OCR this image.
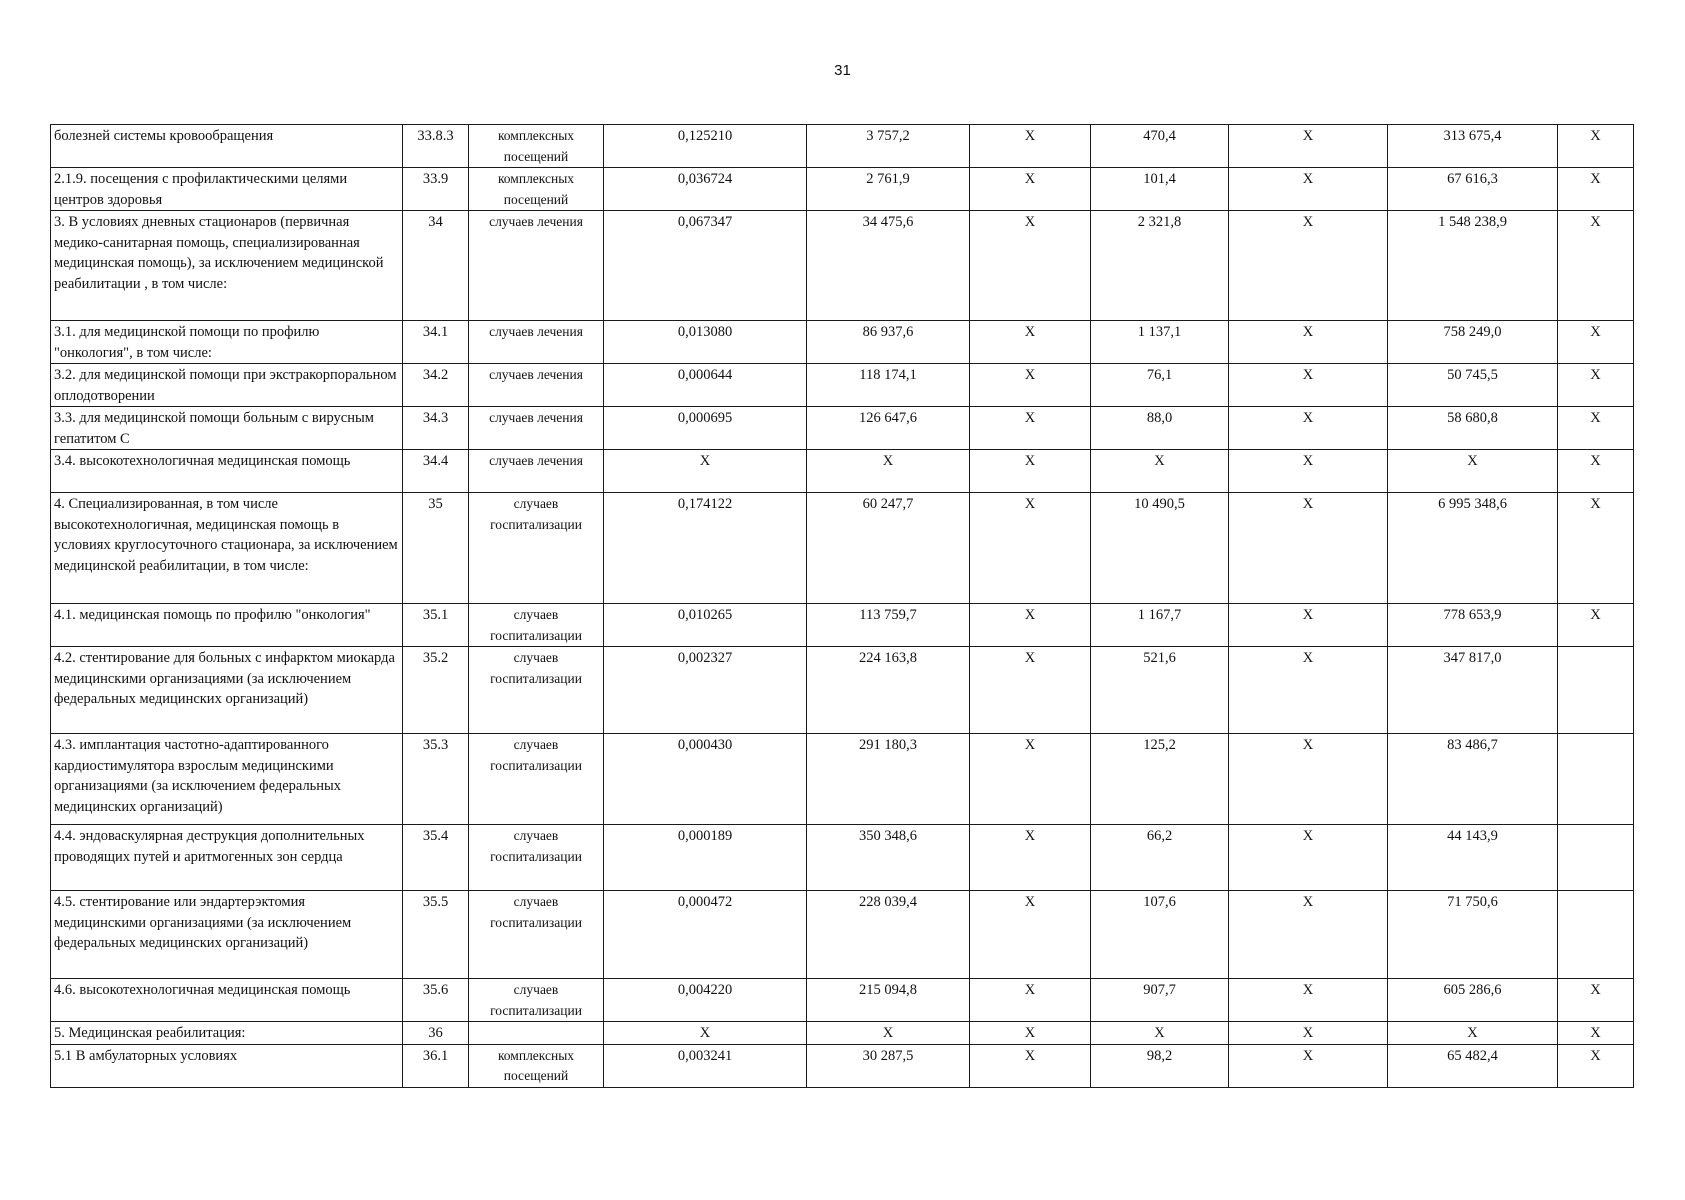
31
болезней системы кровообращения	33.8.3	комплексных посещений	0,125210	3 757,2	X	470,4	X	313 675,4	X
2.1.9. посещения с профилактическими целями центров здоровья	33.9	комплексных посещений	0,036724	2 761,9	X	101,4	X	67 616,3	X
3. В условиях дневных стационаров (первичная медико-санитарная помощь, специализированная медицинская помощь), за исключением медицинской реабилитации , в том числе:	34	случаев лечения	0,067347	34 475,6	X	2 321,8	X	1 548 238,9	X
3.1. для медицинской помощи по профилю "онкология", в том числе:	34.1	случаев лечения	0,013080	86 937,6	X	1 137,1	X	758 249,0	X
3.2. для медицинской помощи при экстракорпоральном оплодотворении	34.2	случаев лечения	0,000644	118 174,1	X	76,1	X	50 745,5	X
3.3. для медицинской помощи больным с вирусным гепатитом С	34.3	случаев лечения	0,000695	126 647,6	X	88,0	X	58 680,8	X
3.4. высокотехнологичная медицинская помощь	34.4	случаев лечения	X	X	X	X	X	X	X
4. Специализированная, в том числе высокотехнологичная, медицинская помощь в условиях круглосуточного стационара, за исключением медицинской реабилитации, в том числе:	35	случаев госпитализации	0,174122	60 247,7	X	10 490,5	X	6 995 348,6	X
4.1. медицинская помощь по профилю "онкология"	35.1	случаев госпитализации	0,010265	113 759,7	X	1 167,7	X	778 653,9	X
4.2. стентирование для больных с инфарктом миокарда медицинскими организациями (за исключением федеральных медицинских организаций)	35.2	случаев госпитализации	0,002327	224 163,8	X	521,6	X	347 817,0	
4.3. имплантация частотно-адаптированного кардиостимулятора взрослым медицинскими организациями (за исключением федеральных медицинских организаций)	35.3	случаев госпитализации	0,000430	291 180,3	X	125,2	X	83 486,7	
4.4. эндоваскулярная деструкция дополнительных проводящих путей и аритмогенных зон сердца	35.4	случаев госпитализации	0,000189	350 348,6	X	66,2	X	44 143,9	
4.5. стентирование или эндартерэктомия медицинскими организациями (за исключением федеральных медицинских организаций)	35.5	случаев госпитализации	0,000472	228 039,4	X	107,6	X	71 750,6	
4.6. высокотехнологичная медицинская помощь	35.6	случаев госпитализации	0,004220	215 094,8	X	907,7	X	605 286,6	X
5. Медицинская реабилитация:	36		X	X	X	X	X	X	X
5.1 В амбулаторных условиях	36.1	комплексных посещений	0,003241	30 287,5	X	98,2	X	65 482,4	X
